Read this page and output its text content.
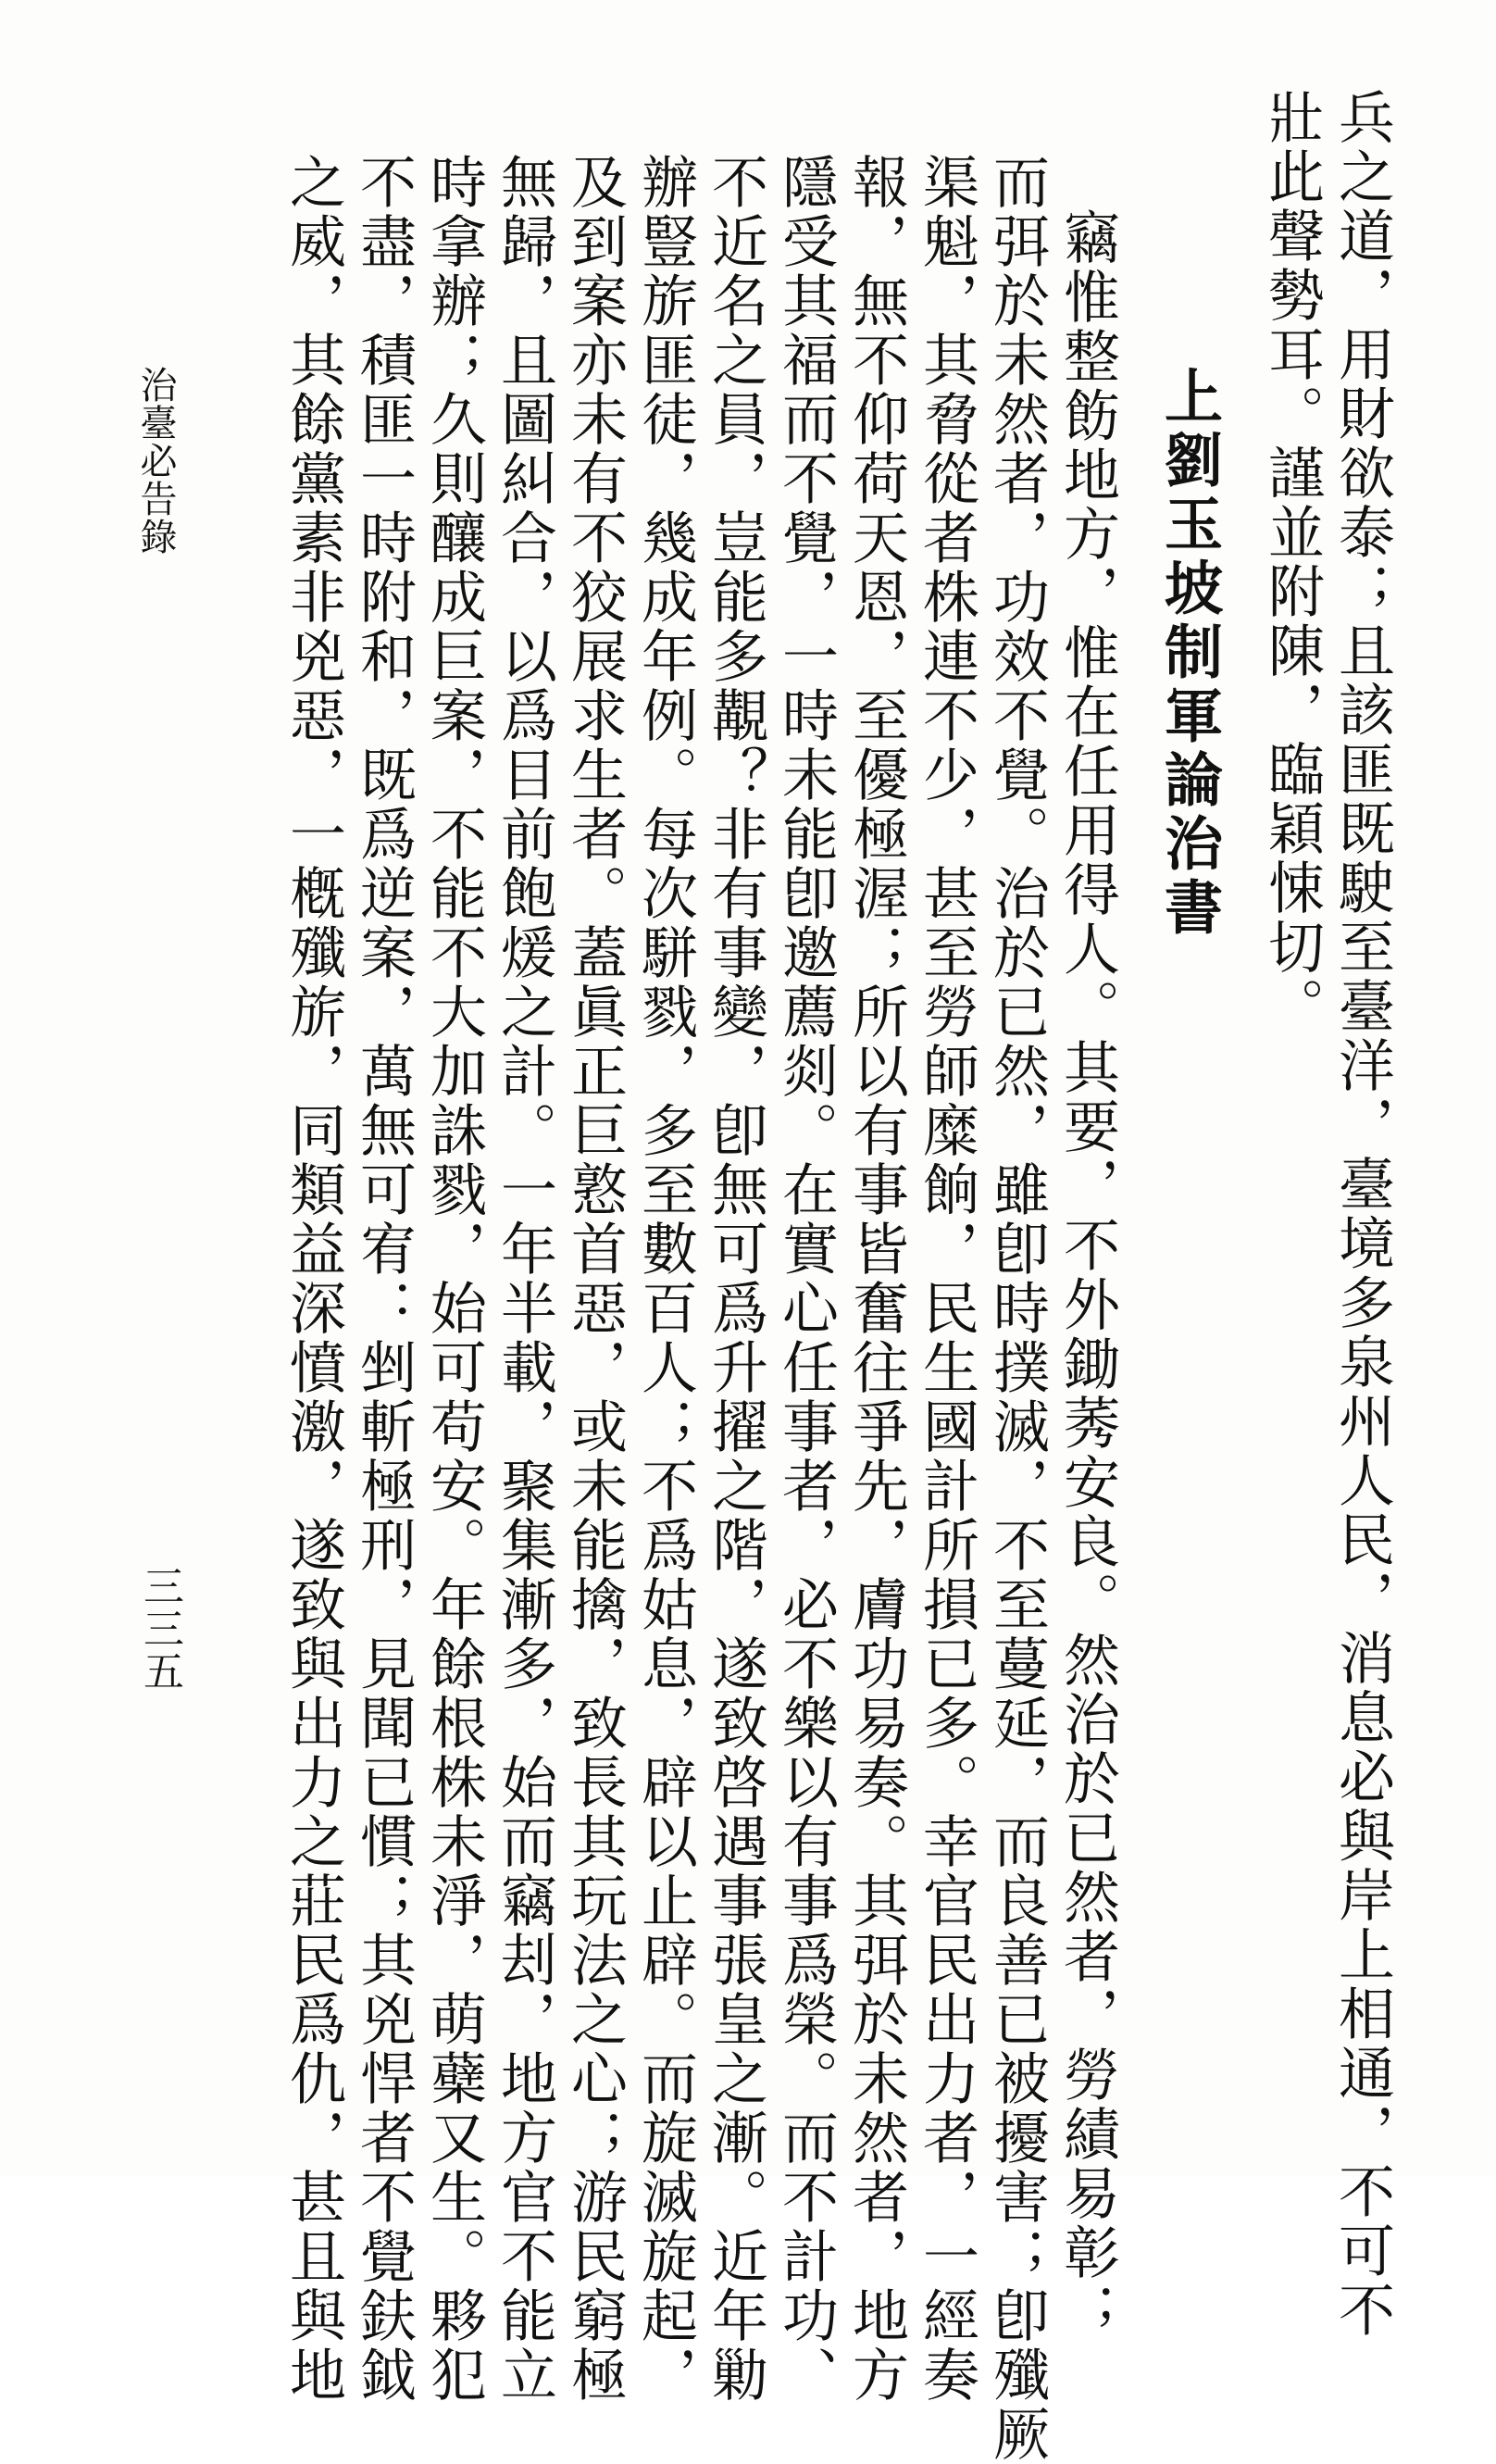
兵之道，用財欲泰；且該匪既駛至臺洋，臺境多泉州人民，消息必與岸上相通，不可不
壯此聲勢耳。謹並附陳，臨穎悚切。
上劉玉坡制軍論治書
竊惟整飭地方，惟在任用得人。其要，不外鋤莠安良。然治於已然者，勞績易彰；
而弭於未然者，功效不覺。治於已然，雖卽時撲滅，不至蔓延，而良善已被擾害；卽殲厥
渠魁，其脅從者株連不少，甚至勞師糜餉，民生國計所損已多。幸官民出力者，一經奏
報，無不仰荷天恩，至優極渥；所以有事皆奮往爭先，膚功易奏。其弭於未然者，地方
隱受其福而不覺，一時未能卽邀薦剡。在實心任事者，必不樂以有事爲榮。而不計功、
不近名之員，豈能多覯？非有事變，卽無可爲升擢之階，遂致啓遇事張皇之漸。近年勦
辦豎旂匪徒，幾成年例。每次駢戮，多至數百人；不爲姑息，辟以止辟。而旋滅旋起，
及到案亦未有不狡展求生者。蓋眞正巨憝首惡，或未能擒，致長其玩法之心；游民窮極
無歸，且圖糾合，以爲目前飽煖之計。一年半載，聚集漸多，始而竊刦，地方官不能立
時拿辦；久則釀成巨案，不能不大加誅戮，始可苟安。年餘根株未淨，萌蘗又生。夥犯
不盡，積匪一時附和，既爲逆案，萬無可宥：剉斬極刑，見聞已慣；其兇悍者不覺鈇鉞
之威，其餘黨素非兇惡，一槪殲旂，同類益深憤激，遂致與出力之莊民爲仇，甚且與地
治臺必告錄
三三五
